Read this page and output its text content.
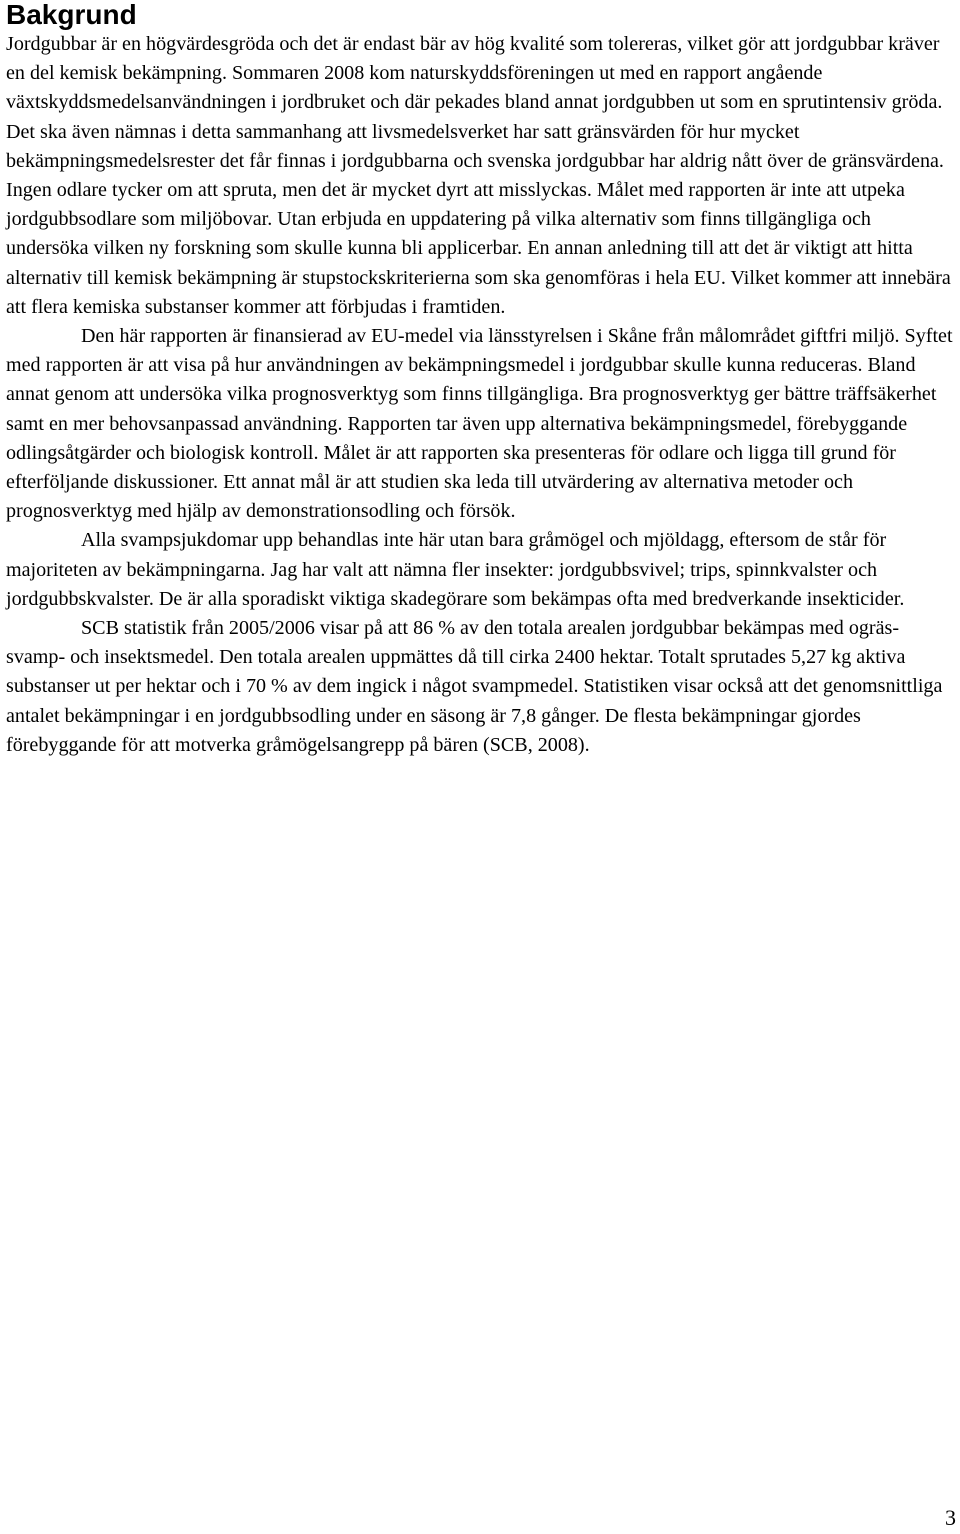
Bakgrund

Jordgubbar är en högvärdesgröda och det är endast bär av hög kvalité som tolereras, vilket gör att jordgubbar kräver en del kemisk bekämpning. Sommaren 2008 kom naturskyddsföreningen ut med en rapport angående växtskyddsmedelsanvändningen i jordbruket och där pekades bland annat jordgubben ut som en sprutintensiv gröda. Det ska även nämnas i detta sammanhang att livsmedelsverket har satt gränsvärden för hur mycket bekämpningsmedelsrester det får finnas i jordgubbarna och svenska jordgubbar har aldrig nått över de gränsvärdena. Ingen odlare tycker om att spruta, men det är mycket dyrt att misslyckas. Målet med rapporten är inte att utpeka jordgubbsodlare som miljöbovar. Utan erbjuda en uppdatering på vilka alternativ som finns tillgängliga och undersöka vilken ny forskning som skulle kunna bli applicerbar. En annan anledning till att det är viktigt att hitta alternativ till kemisk bekämpning är stupstockskriterierna som ska genomföras i hela EU. Vilket kommer att innebära att flera kemiska substanser kommer att förbjudas i framtiden.

Den här rapporten är finansierad av EU-medel via länsstyrelsen i Skåne från målområdet giftfri miljö. Syftet med rapporten är att visa på hur användningen av bekämpningsmedel i jordgubbar skulle kunna reduceras. Bland annat genom att undersöka vilka prognosverktyg som finns tillgängliga. Bra prognosverktyg ger bättre träffsäkerhet samt en mer behovsanpassad användning. Rapporten tar även upp alternativa bekämpningsmedel, förebyggande odlingsåtgärder och biologisk kontroll. Målet är att rapporten ska presenteras för odlare och ligga till grund för efterföljande diskussioner. Ett annat mål är att studien ska leda till utvärdering av alternativa metoder och prognosverktyg med hjälp av demonstrationsodling och försök.

Alla svampsjukdomar upp behandlas inte här utan bara gråmögel och mjöldagg, eftersom de står för majoriteten av bekämpningarna. Jag har valt att nämna fler insekter: jordgubbsvivel; trips, spinnkvalster och jordgubbskvalster. De är alla sporadiskt viktiga skadegörare som bekämpas ofta med bredverkande insekticider.

SCB statistik från 2005/2006 visar på att 86 % av den totala arealen jordgubbar bekämpas med ogräs- svamp- och insektsmedel. Den totala arealen uppmättes då till cirka 2400 hektar. Totalt sprutades 5,27 kg aktiva substanser ut per hektar och i 70 % av dem ingick i något svampmedel. Statistiken visar också att det genomsnittliga antalet bekämpningar i en jordgubbsodling under en säsong är 7,8 gånger. De flesta bekämpningar gjordes förebyggande för att motverka gråmögelsangrepp på bären (SCB, 2008).

3
